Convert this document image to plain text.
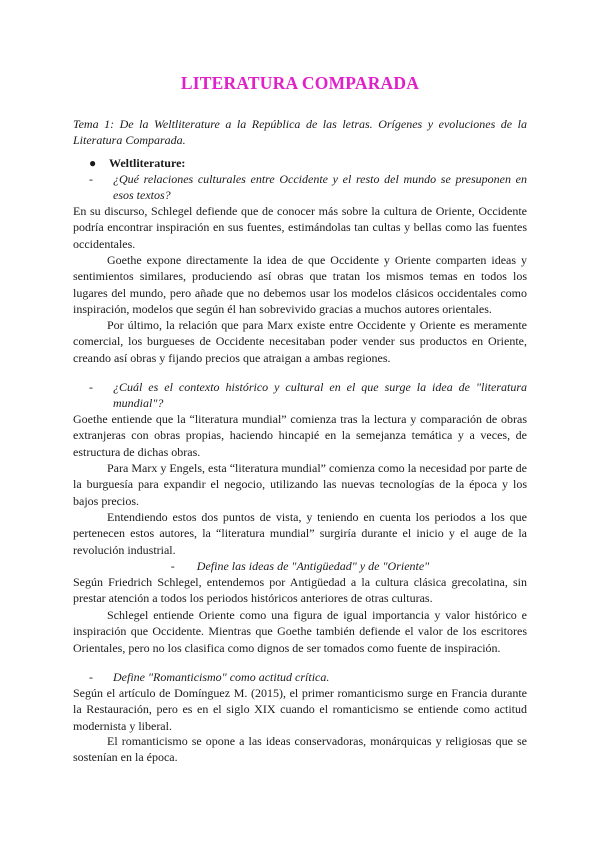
LITERATURA COMPARADA
Tema 1: De la Weltliterature a la República de las letras. Orígenes y evoluciones de la Literatura Comparada.
● Weltliterature:
- ¿Qué relaciones culturales entre Occidente y el resto del mundo se presuponen en esos textos?
En su discurso, Schlegel defiende que de conocer más sobre la cultura de Oriente, Occidente podría encontrar inspiración en sus fuentes, estimándolas tan cultas y bellas como las fuentes occidentales.
Goethe expone directamente la idea de que Occidente y Oriente comparten ideas y sentimientos similares, produciendo así obras que tratan los mismos temas en todos los lugares del mundo, pero añade que no debemos usar los modelos clásicos occidentales como inspiración, modelos que según él han sobrevivido gracias a muchos autores orientales.
Por último, la relación que para Marx existe entre Occidente y Oriente es meramente comercial, los burgueses de Occidente necesitaban poder vender sus productos en Oriente, creando así obras y fijando precios que atraigan a ambas regiones.
- ¿Cuál es el contexto histórico y cultural en el que surge la idea de "literatura mundial"?
Goethe entiende que la “literatura mundial” comienza tras la lectura y comparación de obras extranjeras con obras propias, haciendo hincapié en la semejanza temática y a veces, de estructura de dichas obras.
Para Marx y Engels, esta “literatura mundial” comienza como la necesidad por parte de la burguesía para expandir el negocio, utilizando las nuevas tecnologías de la época y los bajos precios.
Entendiendo estos dos puntos de vista, y teniendo en cuenta los periodos a los que pertenecen estos autores, la “literatura mundial” surgiría durante el inicio y el auge de la revolución industrial.
- Define las ideas de "Antigüedad" y de "Oriente"
Según Friedrich Schlegel, entendemos por Antigüedad a la cultura clásica grecolatina, sin prestar atención a todos los periodos históricos anteriores de otras culturas.
Schlegel entiende Oriente como una figura de igual importancia y valor histórico e inspiración que Occidente. Mientras que Goethe también defiende el valor de los escritores Orientales, pero no los clasifica como dignos de ser tomados como fuente de inspiración.
- Define "Romanticismo" como actitud crítica.
Según el artículo de Domínguez M. (2015), el primer romanticismo surge en Francia durante la Restauración, pero es en el siglo XIX cuando el romanticismo se entiende como actitud modernista y liberal.
El romanticismo se opone a las ideas conservadoras, monárquicas y religiosas que se sostenían en la época.
